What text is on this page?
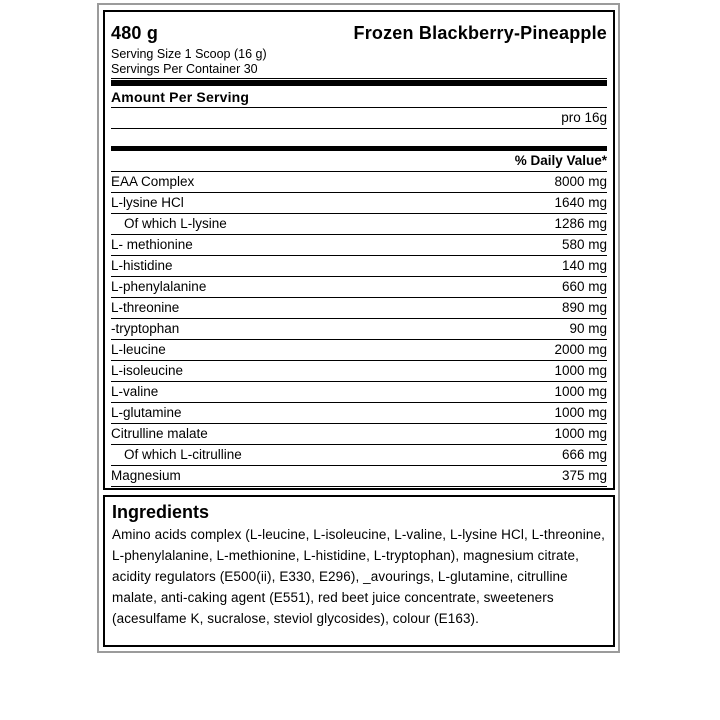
480 g	Frozen Blackberry-Pineapple
Serving Size 1 Scoop (16 g)
Servings Per Container 30
Amount Per Serving
pro 16g
% Daily Value*
EAA Complex	8000 mg
L-lysine HCl	1640 mg
Of which L-lysine	1286 mg
L- methionine	580 mg
L-histidine	140 mg
L-phenylalanine	660 mg
L-threonine	890 mg
-tryptophan	90 mg
L-leucine	2000 mg
L-isoleucine	1000 mg
L-valine	1000 mg
L-glutamine	1000 mg
Citrulline malate	1000 mg
Of which L-citrulline	666 mg
Magnesium	375 mg
Ingredients
Amino acids complex (L-leucine, L-isoleucine, L-valine, L-lysine HCl, L-threonine, L-phenylalanine, L-methionine, L-histidine, L-tryptophan), magnesium citrate, acidity regulators (E500(ii), E330, E296), _avourings, L-glutamine, citrulline malate, anti-caking agent (E551), red beet juice concentrate, sweeteners (acesulfame K, sucralose, steviol glycosides), colour (E163).
